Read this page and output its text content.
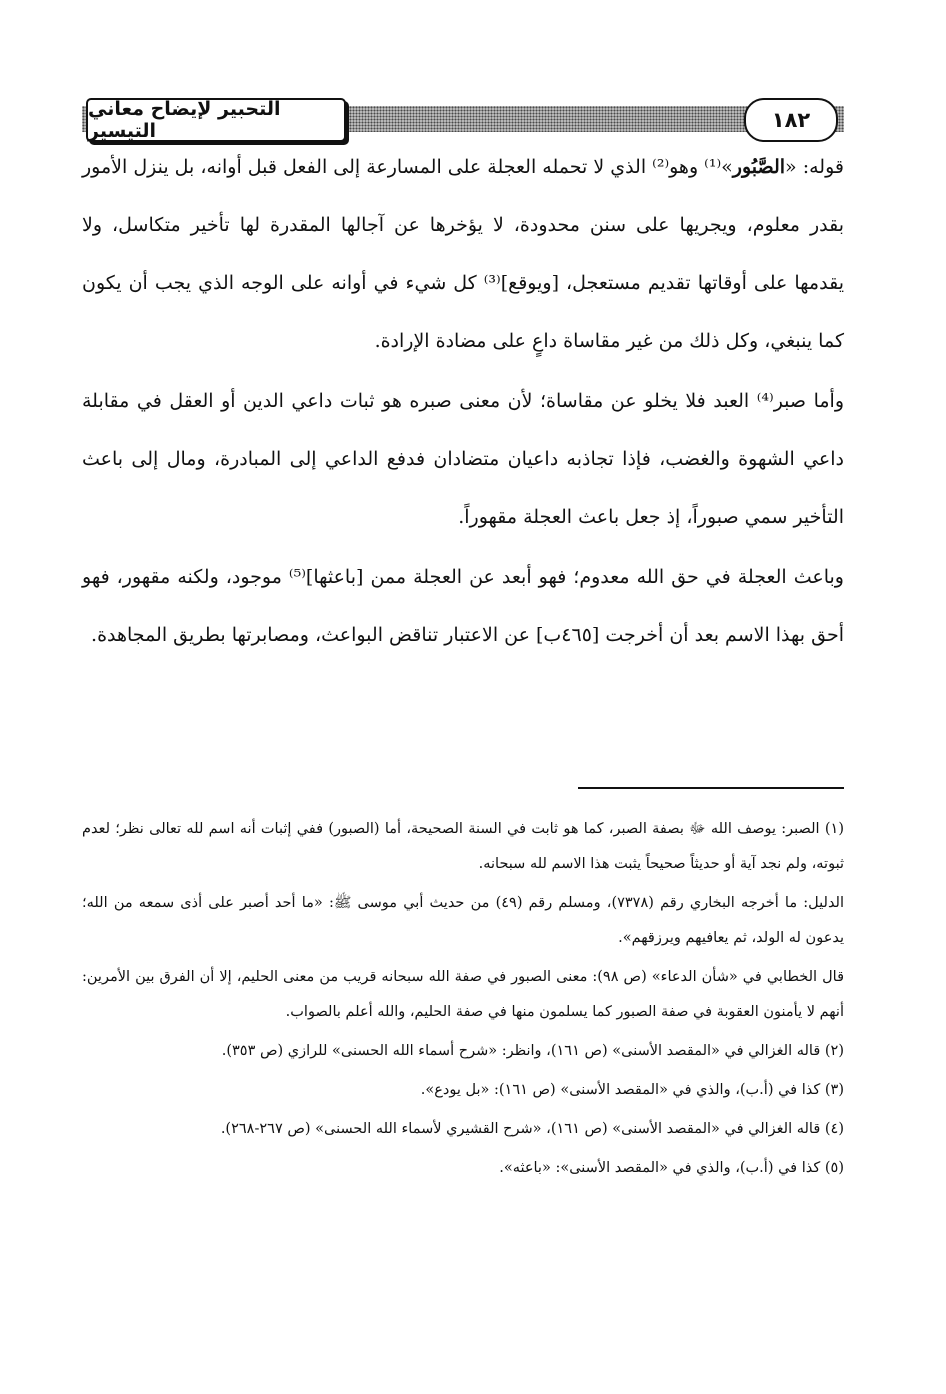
التحبير لإيضاح معاني التيسير	١٨٢

قوله: «الصَّبُور»⁽¹⁾ وهو⁽²⁾ الذي لا تحمله العجلة على المسارعة إلى الفعل قبل أوانه، بل ينزل الأمور بقدر معلوم، ويجريها على سنن محدودة، لا يؤخرها عن آجالها المقدرة لها تأخير متكاسل، ولا يقدمها على أوقاتها تقديم مستعجل، [ويوقع]⁽³⁾ كل شيء في أوانه على الوجه الذي يجب أن يكون كما ينبغي، وكل ذلك من غير مقاساة داعٍ على مضادة الإرادة.

وأما صبر⁽⁴⁾ العبد فلا يخلو عن مقاساة؛ لأن معنى صبره هو ثبات داعي الدين أو العقل في مقابلة داعي الشهوة والغضب، فإذا تجاذبه داعيان متضادان فدفع الداعي إلى المبادرة، ومال إلى باعث التأخير سمي صبوراً، إذ جعل باعث العجلة مقهوراً.

وباعث العجلة في حق الله معدوم؛ فهو أبعد عن العجلة ممن [باعثها]⁽⁵⁾ موجود، ولكنه مقهور، فهو أحق بهذا الاسم بعد أن أخرجت [٤٦٥ب] عن الاعتبار تناقض البواعث، ومصابرتها بطريق المجاهدة.

(١) الصبر: يوصف الله ﷻ بصفة الصبر، كما هو ثابت في السنة الصحيحة، أما (الصبور) ففي إثبات أنه اسم لله تعالى نظر؛ لعدم ثبوته، ولم نجد آية أو حديثاً صحيحاً يثبت هذا الاسم لله سبحانه.

الدليل: ما أخرجه البخاري رقم (٧٣٧٨)، ومسلم رقم (٤٩) من حديث أبي موسى ﷺ: «ما أحد أصبر على أذى سمعه من الله؛ يدعون له الولد، ثم يعافيهم ويرزقهم».

قال الخطابي في «شأن الدعاء» (ص ٩٨): معنى الصبور في صفة الله سبحانه قريب من معنى الحليم، إلا أن الفرق بين الأمرين: أنهم لا يأمنون العقوبة في صفة الصبور كما يسلمون منها في صفة الحليم، والله أعلم بالصواب.

(٢) قاله الغزالي في «المقصد الأسنى» (ص ١٦١)، وانظر: «شرح أسماء الله الحسنى» للرازي (ص ٣٥٣).

(٣) كذا في (أ.ب)، والذي في «المقصد الأسنى» (ص ١٦١): «بل يودع».

(٤) قاله الغزالي في «المقصد الأسنى» (ص ١٦١)، «شرح القشيري لأسماء الله الحسنى» (ص ٢٦٧-٢٦٨).

(٥) كذا في (أ.ب)، والذي في «المقصد الأسنى»: «باعثه».
